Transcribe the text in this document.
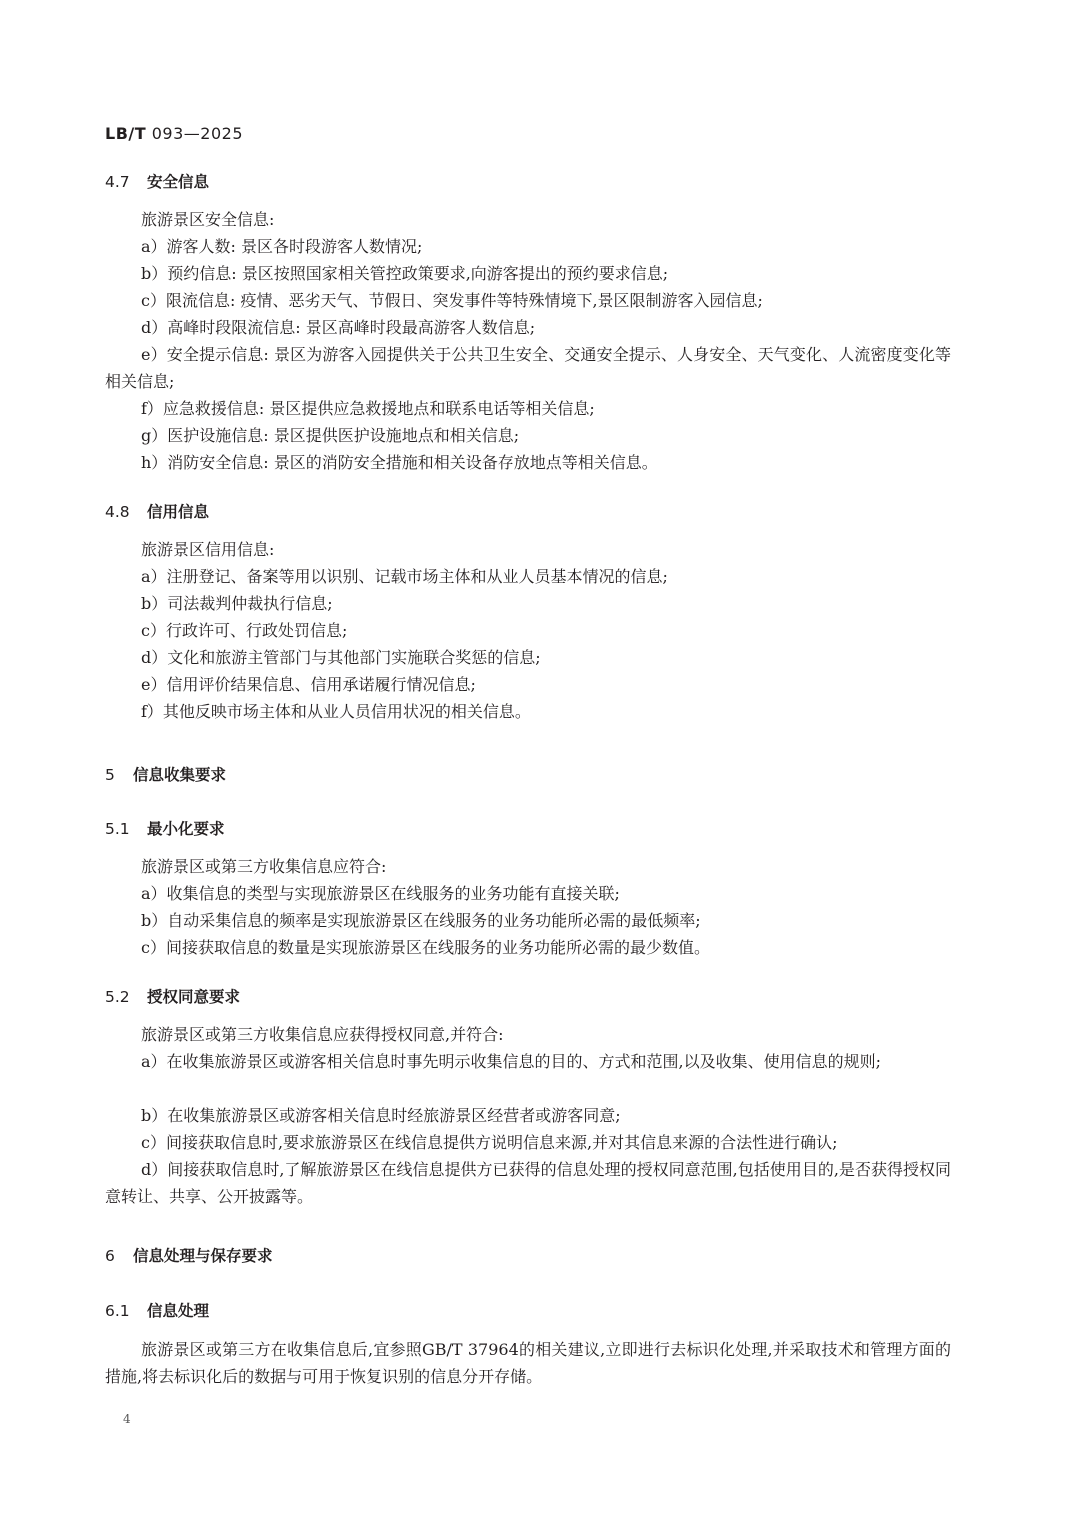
LB/T 093—2025
4.7 安全信息
旅游景区安全信息:
a）游客人数: 景区各时段游客人数情况;
b）预约信息: 景区按照国家相关管控政策要求,向游客提出的预约要求信息;
c）限流信息: 疫情、恶劣天气、节假日、突发事件等特殊情境下,景区限制游客入园信息;
d）高峰时段限流信息: 景区高峰时段最高游客人数信息;
e）安全提示信息: 景区为游客入园提供关于公共卫生安全、交通安全提示、人身安全、天气变化、人流密度变化等相关信息;
f）应急救援信息: 景区提供应急救援地点和联系电话等相关信息;
g）医护设施信息: 景区提供医护设施地点和相关信息;
h）消防安全信息: 景区的消防安全措施和相关设备存放地点等相关信息。
4.8 信用信息
旅游景区信用信息:
a）注册登记、备案等用以识别、记载市场主体和从业人员基本情况的信息;
b）司法裁判仲裁执行信息;
c）行政许可、行政处罚信息;
d）文化和旅游主管部门与其他部门实施联合奖惩的信息;
e）信用评价结果信息、信用承诺履行情况信息;
f）其他反映市场主体和从业人员信用状况的相关信息。
5 信息收集要求
5.1 最小化要求
旅游景区或第三方收集信息应符合:
a）收集信息的类型与实现旅游景区在线服务的业务功能有直接关联;
b）自动采集信息的频率是实现旅游景区在线服务的业务功能所必需的最低频率;
c）间接获取信息的数量是实现旅游景区在线服务的业务功能所必需的最少数值。
5.2 授权同意要求
旅游景区或第三方收集信息应获得授权同意,并符合:
a）在收集旅游景区或游客相关信息时事先明示收集信息的目的、方式和范围,以及收集、使用信息的规则;
b）在收集旅游景区或游客相关信息时经旅游景区经营者或游客同意;
c）间接获取信息时,要求旅游景区在线信息提供方说明信息来源,并对其信息来源的合法性进行确认;
d）间接获取信息时,了解旅游景区在线信息提供方已获得的信息处理的授权同意范围,包括使用目的,是否获得授权同意转让、共享、公开披露等。
6 信息处理与保存要求
6.1 信息处理
旅游景区或第三方在收集信息后,宜参照GB/T 37964的相关建议,立即进行去标识化处理,并采取技术和管理方面的措施,将去标识化后的数据与可用于恢复识别的信息分开存储。
4
